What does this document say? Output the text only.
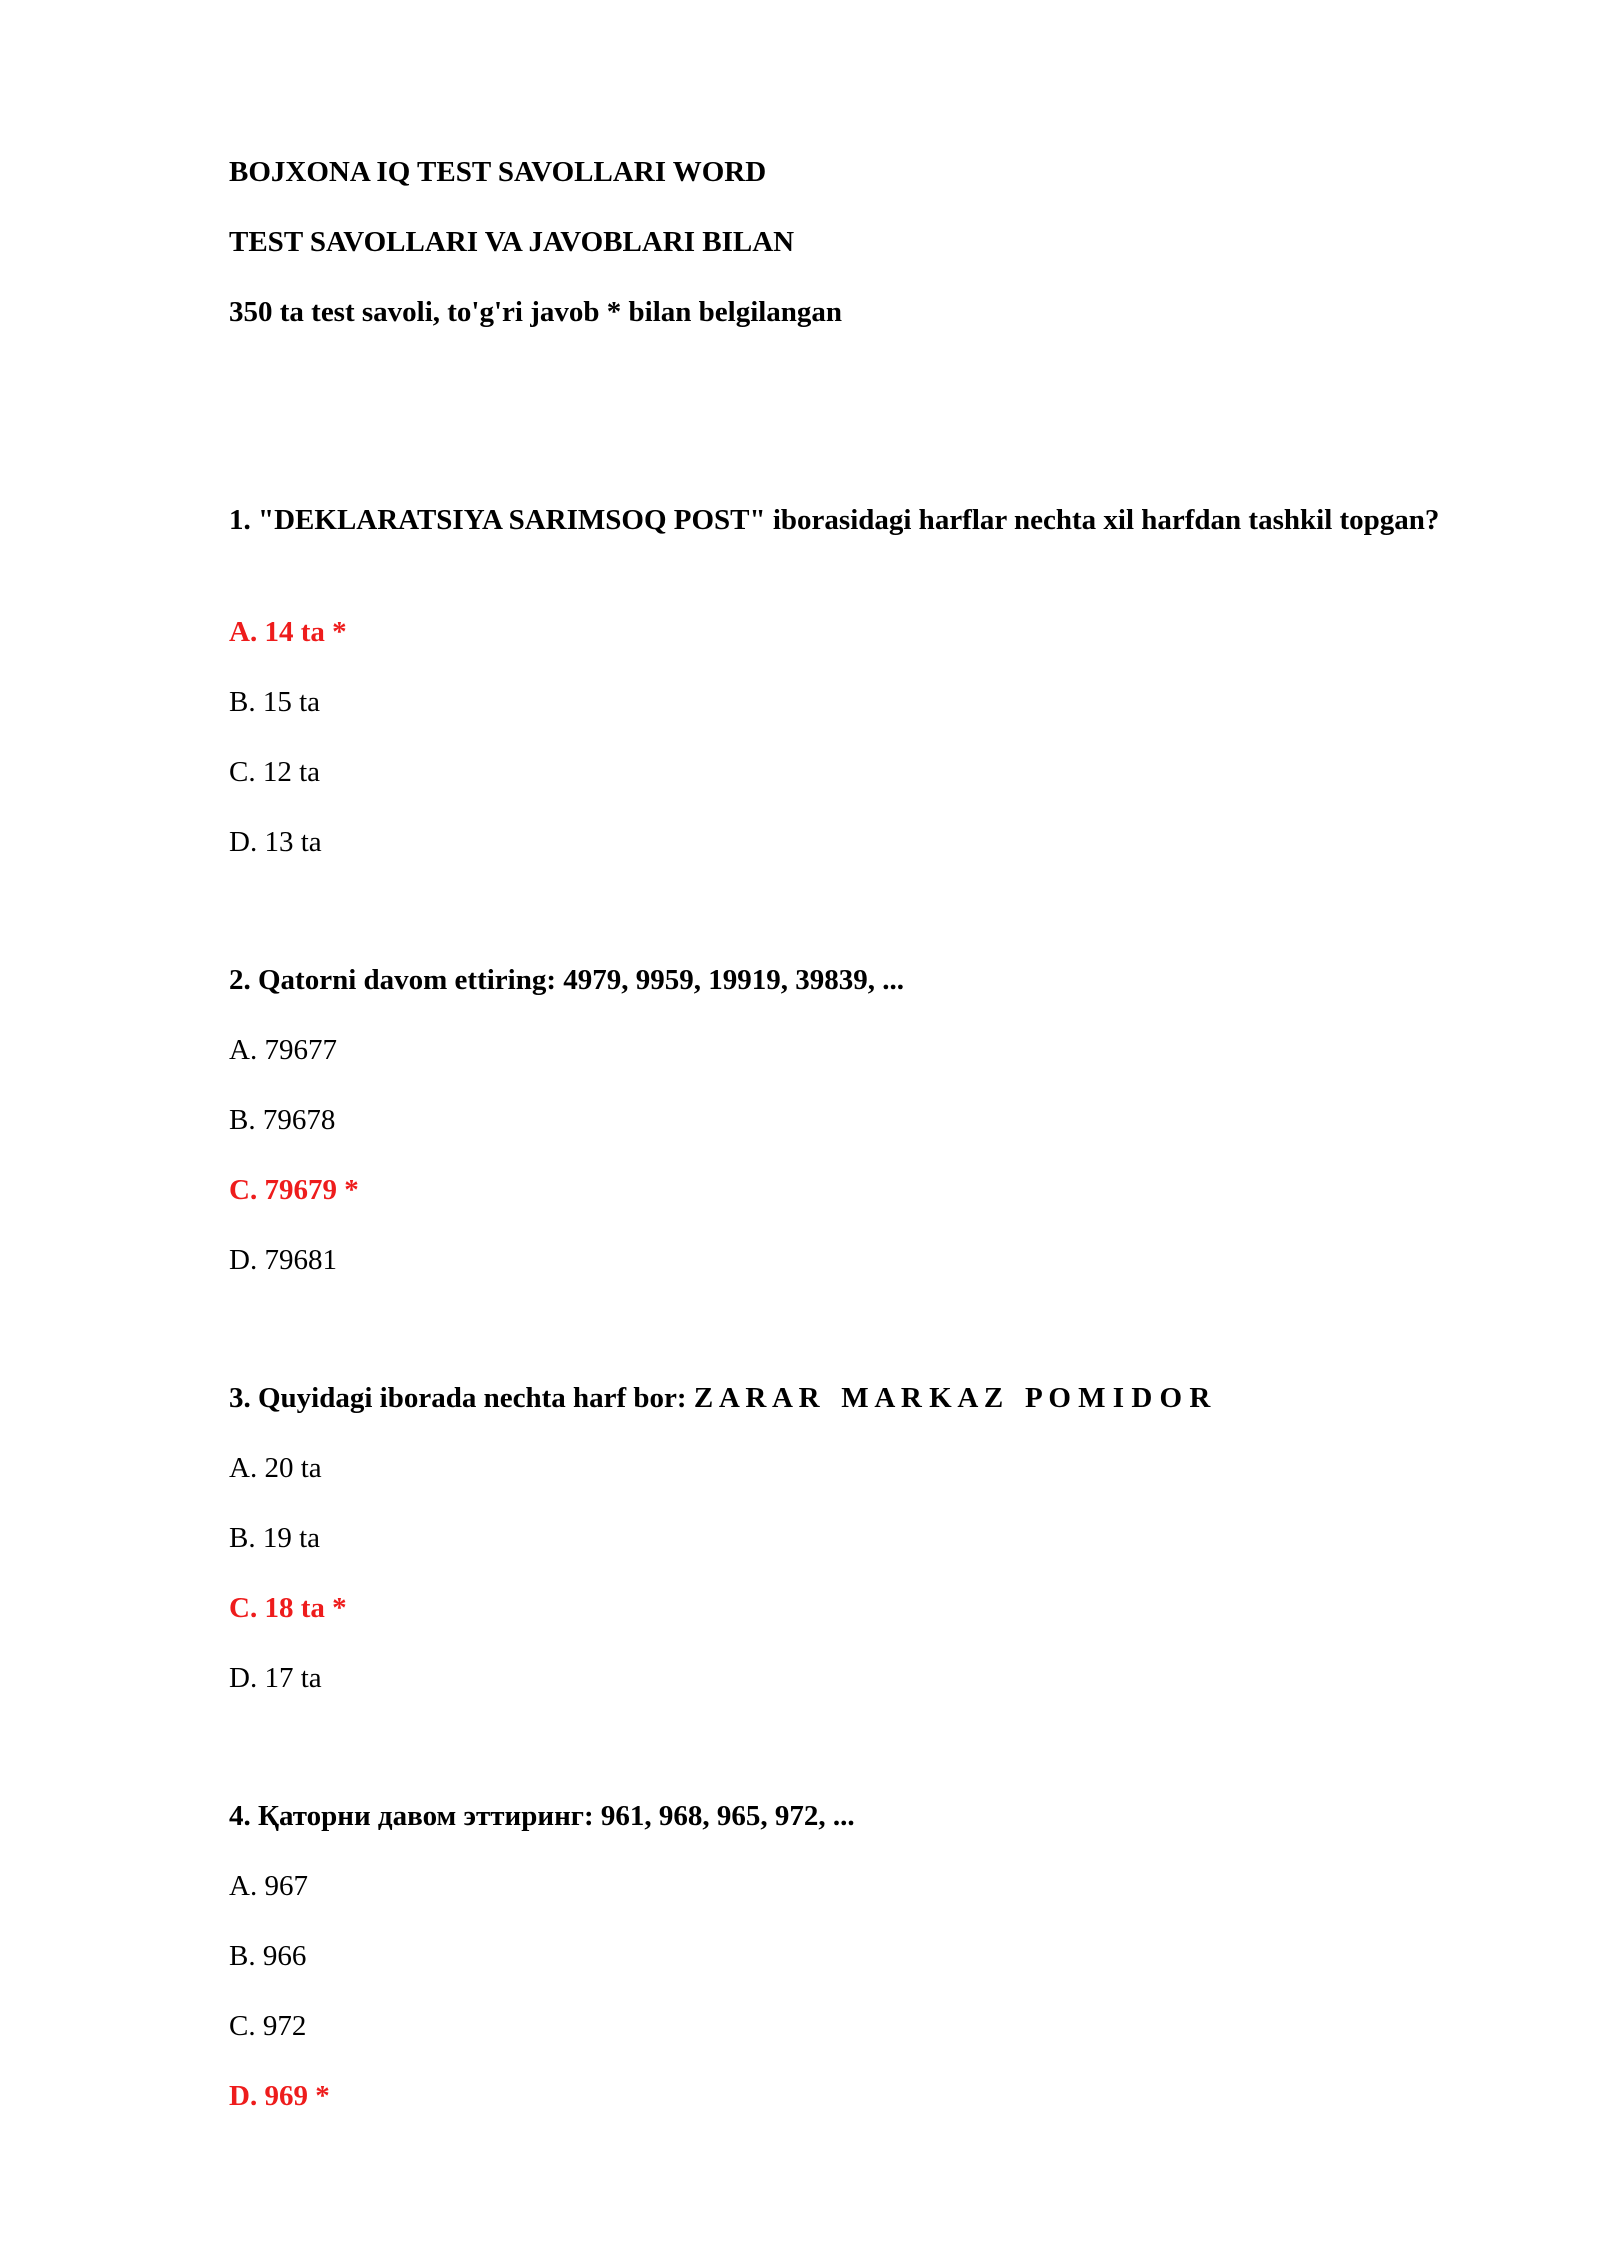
BOJXONA IQ TEST SAVOLLARI WORD

TEST SAVOLLARI VA JAVOBLARI BILAN

350 ta test savoli, to'g'ri javob * bilan belgilangan

1. "DEKLARATSIYA SARIMSOQ POST" iborasidagi harflar nechta xil harfdan tashkil topgan?

A. 14 ta *

B. 15 ta

C. 12 ta

D. 13 ta

2. Qatorni davom ettiring: 4979, 9959, 19919, 39839, ...

A. 79677

B. 79678

C. 79679 *

D. 79681

3. Quyidagi iborada nechta harf bor: Z A R A R   M A R K A Z   P O M I D O R

A. 20 ta

B. 19 ta

C. 18 ta *

D. 17 ta

4. Қаторни давом эттиринг: 961, 968, 965, 972, ...

A. 967

B. 966

C. 972

D. 969 *
